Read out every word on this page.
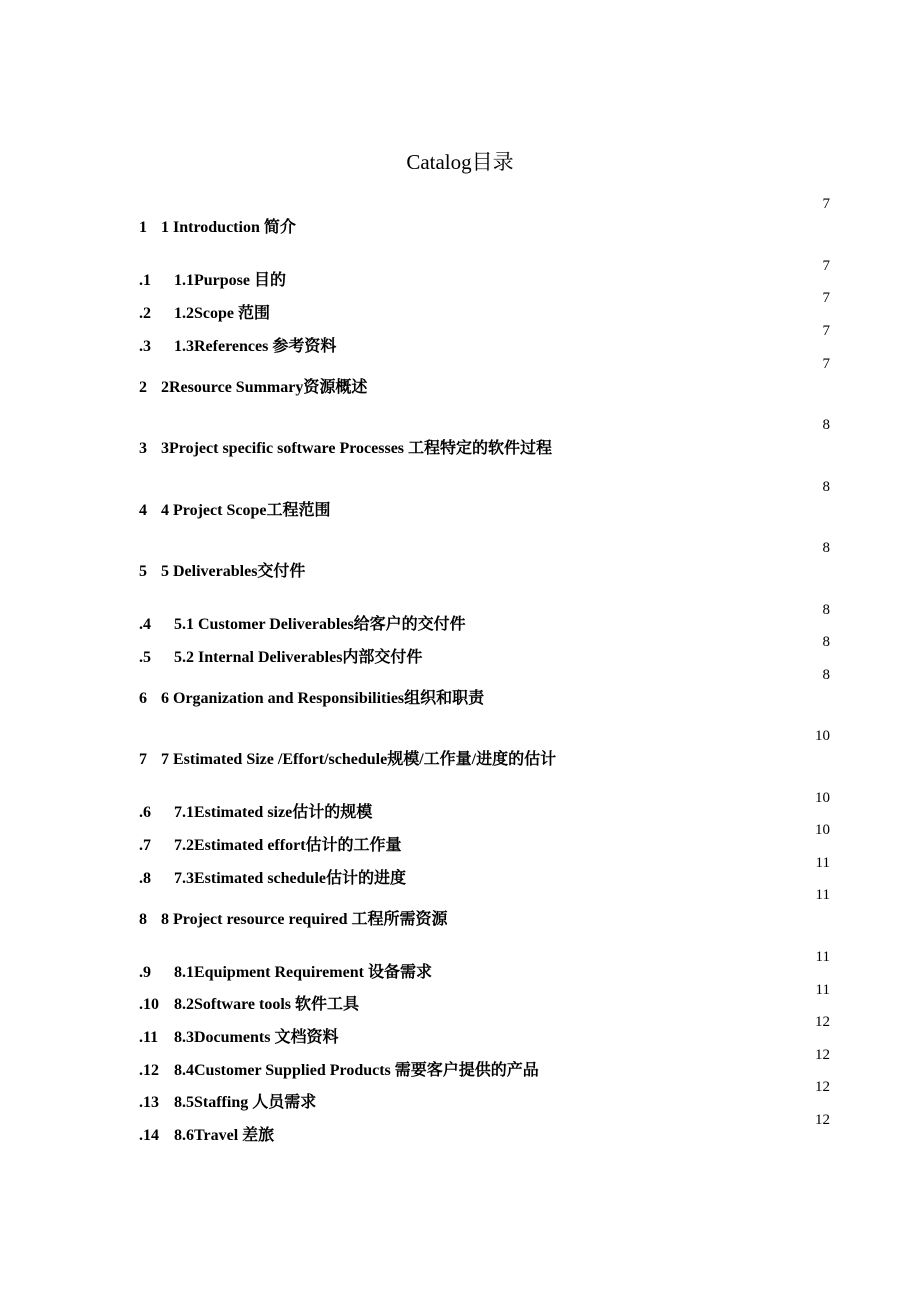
Catalog目录
1 1 Introduction 简介
7
.1 1.1Purpose 目的
7
.2 1.2Scope 范围
7
.3 1.3References 参考资料
7
2 2Resource Summary资源概述
7
3 3Project specific software Processes 工程特定的软件过程
8
4 4 Project Scope工程范围
8
5 5 Deliverables交付件
8
.4 5.1 Customer Deliverables给客户的交付件
8
.5 5.2 Internal Deliverables内部交付件
8
6 6 Organization and Responsibilities组织和职责
8
7 7 Estimated Size /Effort/schedule规模/工作量/进度的估计
10
.6 7.1Estimated size估计的规模
10
.7 7.2Estimated effort估计的工作量
10
.8 7.3Estimated schedule估计的进度
11
8 8 Project resource required 工程所需资源
11
.9 8.1Equipment Requirement 设备需求
11
.10 8.2Software tools 软件工具
11
.11 8.3Documents 文档资料
12
.12 8.4Customer Supplied Products 需要客户提供的产品
12
.13 8.5Staffing 人员需求
12
.14 8.6Travel 差旅
12
